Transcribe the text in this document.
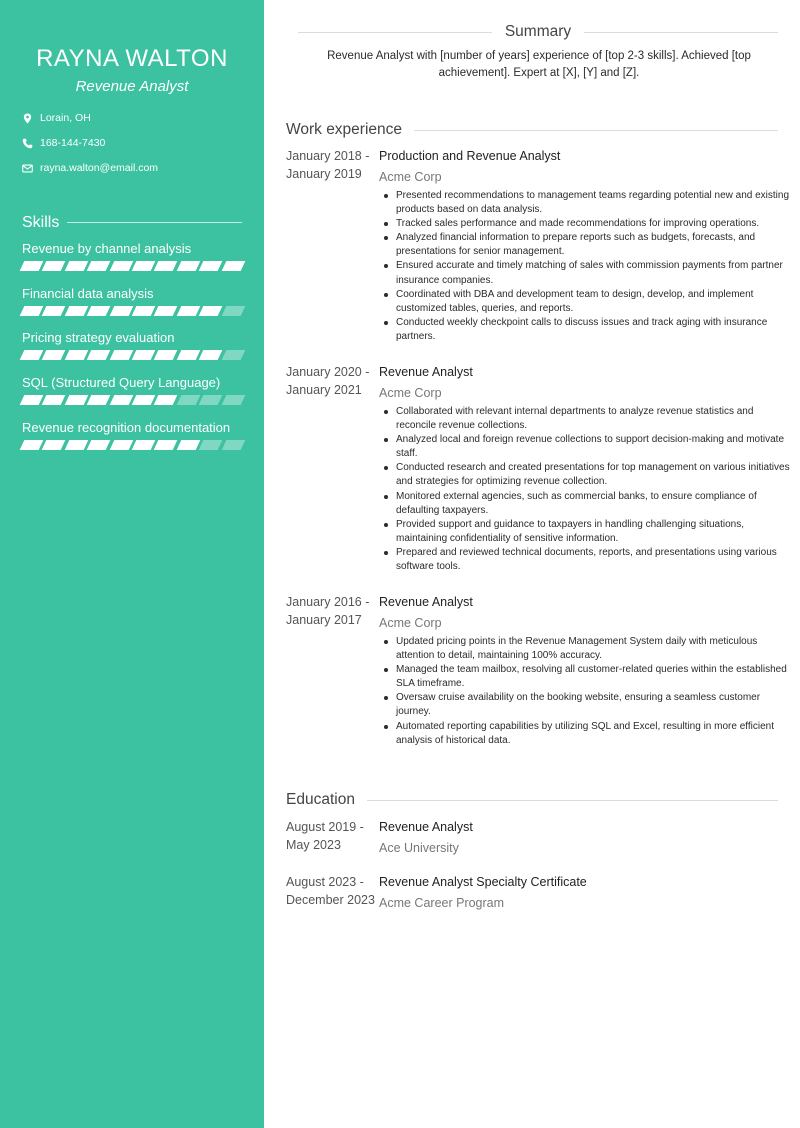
RAYNA WALTON
Revenue Analyst
Lorain, OH
168-144-7430
rayna.walton@email.com
Skills
Revenue by channel analysis
Financial data analysis
Pricing strategy evaluation
SQL (Structured Query Language)
Revenue recognition documentation
Summary
Revenue Analyst with [number of years] experience of [top 2-3 skills]. Achieved [top achievement]. Expert at [X], [Y] and [Z].
Work experience
January 2018 - January 2019
Production and Revenue Analyst
Acme Corp
Presented recommendations to management teams regarding potential new and existing products based on data analysis.
Tracked sales performance and made recommendations for improving operations.
Analyzed financial information to prepare reports such as budgets, forecasts, and presentations for senior management.
Ensured accurate and timely matching of sales with commission payments from partner insurance companies.
Coordinated with DBA and development team to design, develop, and implement customized tables, queries, and reports.
Conducted weekly checkpoint calls to discuss issues and track aging with insurance partners.
January 2020 - January 2021
Revenue Analyst
Acme Corp
Collaborated with relevant internal departments to analyze revenue statistics and reconcile revenue collections.
Analyzed local and foreign revenue collections to support decision-making and motivate staff.
Conducted research and created presentations for top management on various initiatives and strategies for optimizing revenue collection.
Monitored external agencies, such as commercial banks, to ensure compliance of defaulting taxpayers.
Provided support and guidance to taxpayers in handling challenging situations, maintaining confidentiality of sensitive information.
Prepared and reviewed technical documents, reports, and presentations using various software tools.
January 2016 - January 2017
Revenue Analyst
Acme Corp
Updated pricing points in the Revenue Management System daily with meticulous attention to detail, maintaining 100% accuracy.
Managed the team mailbox, resolving all customer-related queries within the established SLA timeframe.
Oversaw cruise availability on the booking website, ensuring a seamless customer journey.
Automated reporting capabilities by utilizing SQL and Excel, resulting in more efficient analysis of historical data.
Education
August 2019 - May 2023
Revenue Analyst
Ace University
August 2023 - December 2023
Revenue Analyst Specialty Certificate
Acme Career Program
